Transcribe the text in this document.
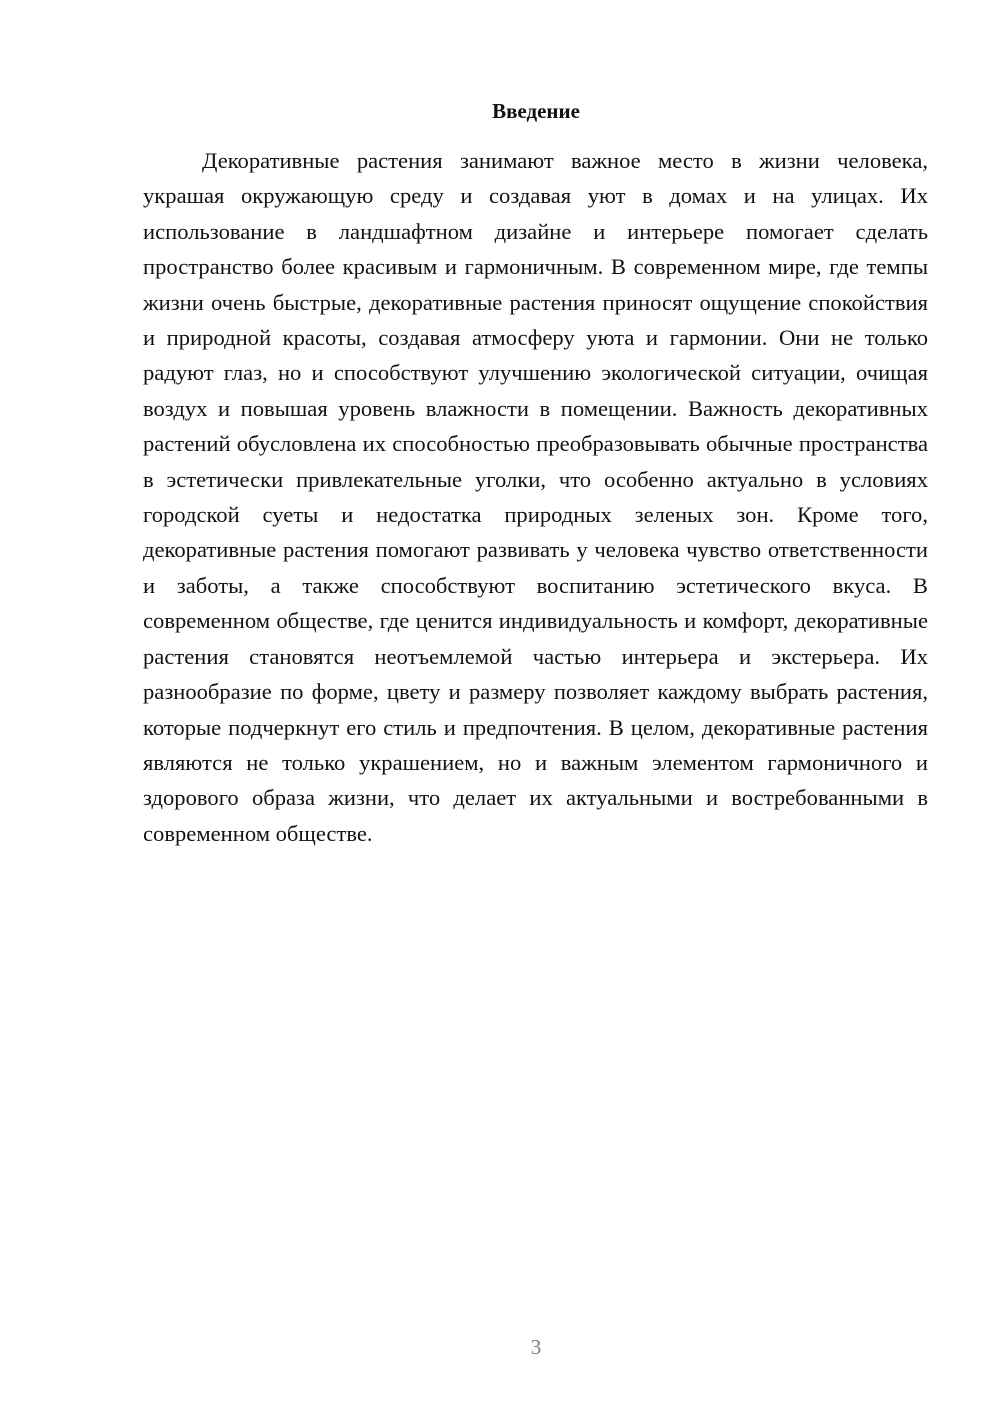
Введение

Декоративные растения занимают важное место в жизни человека, украшая окружающую среду и создавая уют в домах и на улицах. Их использование в ландшафтном дизайне и интерьере помогает сделать пространство более красивым и гармоничным. В современном мире, где темпы жизни очень быстрые, декоративные растения приносят ощущение спокойствия и природной красоты, создавая атмосферу уюта и гармонии. Они не только радуют глаз, но и способствуют улучшению экологической ситуации, очищая воздух и повышая уровень влажности в помещении. Важность декоративных растений обусловлена их способностью преобразовывать обычные пространства в эстетически привлекательные уголки, что особенно актуально в условиях городской суеты и недостатка природных зеленых зон. Кроме того, декоративные растения помогают развивать у человека чувство ответственности и заботы, а также способствуют воспитанию эстетического вкуса. В современном обществе, где ценится индивидуальность и комфорт, декоративные растения становятся неотъемлемой частью интерьера и экстерьера. Их разнообразие по форме, цвету и размеру позволяет каждому выбрать растения, которые подчеркнут его стиль и предпочтения. В целом, декоративные растения являются не только украшением, но и важным элементом гармоничного и здорового образа жизни, что делает их актуальными и востребованными в современном обществе.

3
